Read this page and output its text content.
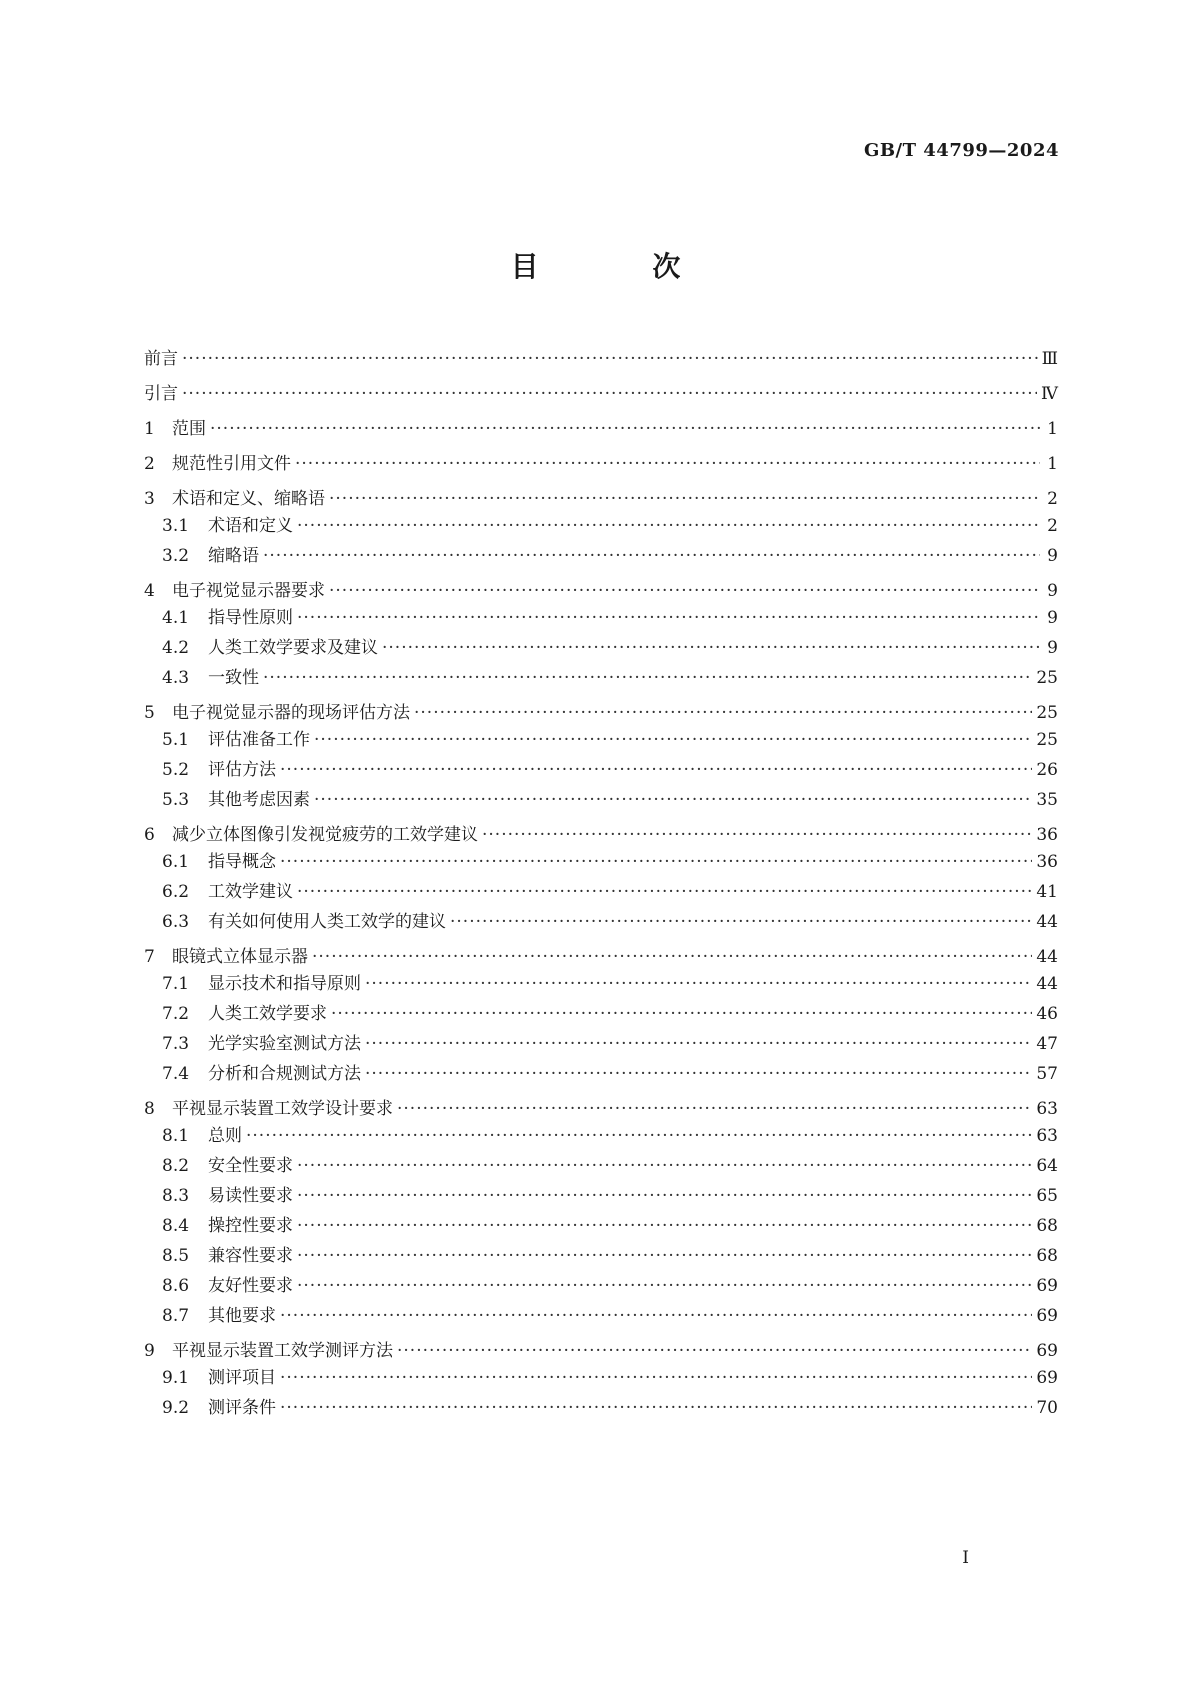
GB/T 44799—2024
目 次
前言 ·····	Ⅲ
引言 ·····	Ⅳ
1	范围 ·····	1
2	规范性引用文件 ·····	1
3	术语和定义、缩略语 ·····	2
3.1	术语和定义 ·····	2
3.2	缩略语 ·····	9
4	电子视觉显示器要求 ·····	9
4.1	指导性原则 ·····	9
4.2	人类工效学要求及建议 ·····	9
4.3	一致性 ·····	25
5	电子视觉显示器的现场评估方法 ·····	25
5.1	评估准备工作 ·····	25
5.2	评估方法 ·····	26
5.3	其他考虑因素 ·····	35
6	减少立体图像引发视觉疲劳的工效学建议 ·····	36
6.1	指导概念 ·····	36
6.2	工效学建议 ·····	41
6.3	有关如何使用人类工效学的建议 ·····	44
7	眼镜式立体显示器 ·····	44
7.1	显示技术和指导原则 ·····	44
7.2	人类工效学要求 ·····	46
7.3	光学实验室测试方法 ·····	47
7.4	分析和合规测试方法 ·····	57
8	平视显示装置工效学设计要求 ·····	63
8.1	总则 ·····	63
8.2	安全性要求 ·····	64
8.3	易读性要求 ·····	65
8.4	操控性要求 ·····	68
8.5	兼容性要求 ·····	68
8.6	友好性要求 ·····	69
8.7	其他要求 ·····	69
9	平视显示装置工效学测评方法 ·····	69
9.1	测评项目 ·····	69
9.2	测评条件 ·····	70
I
